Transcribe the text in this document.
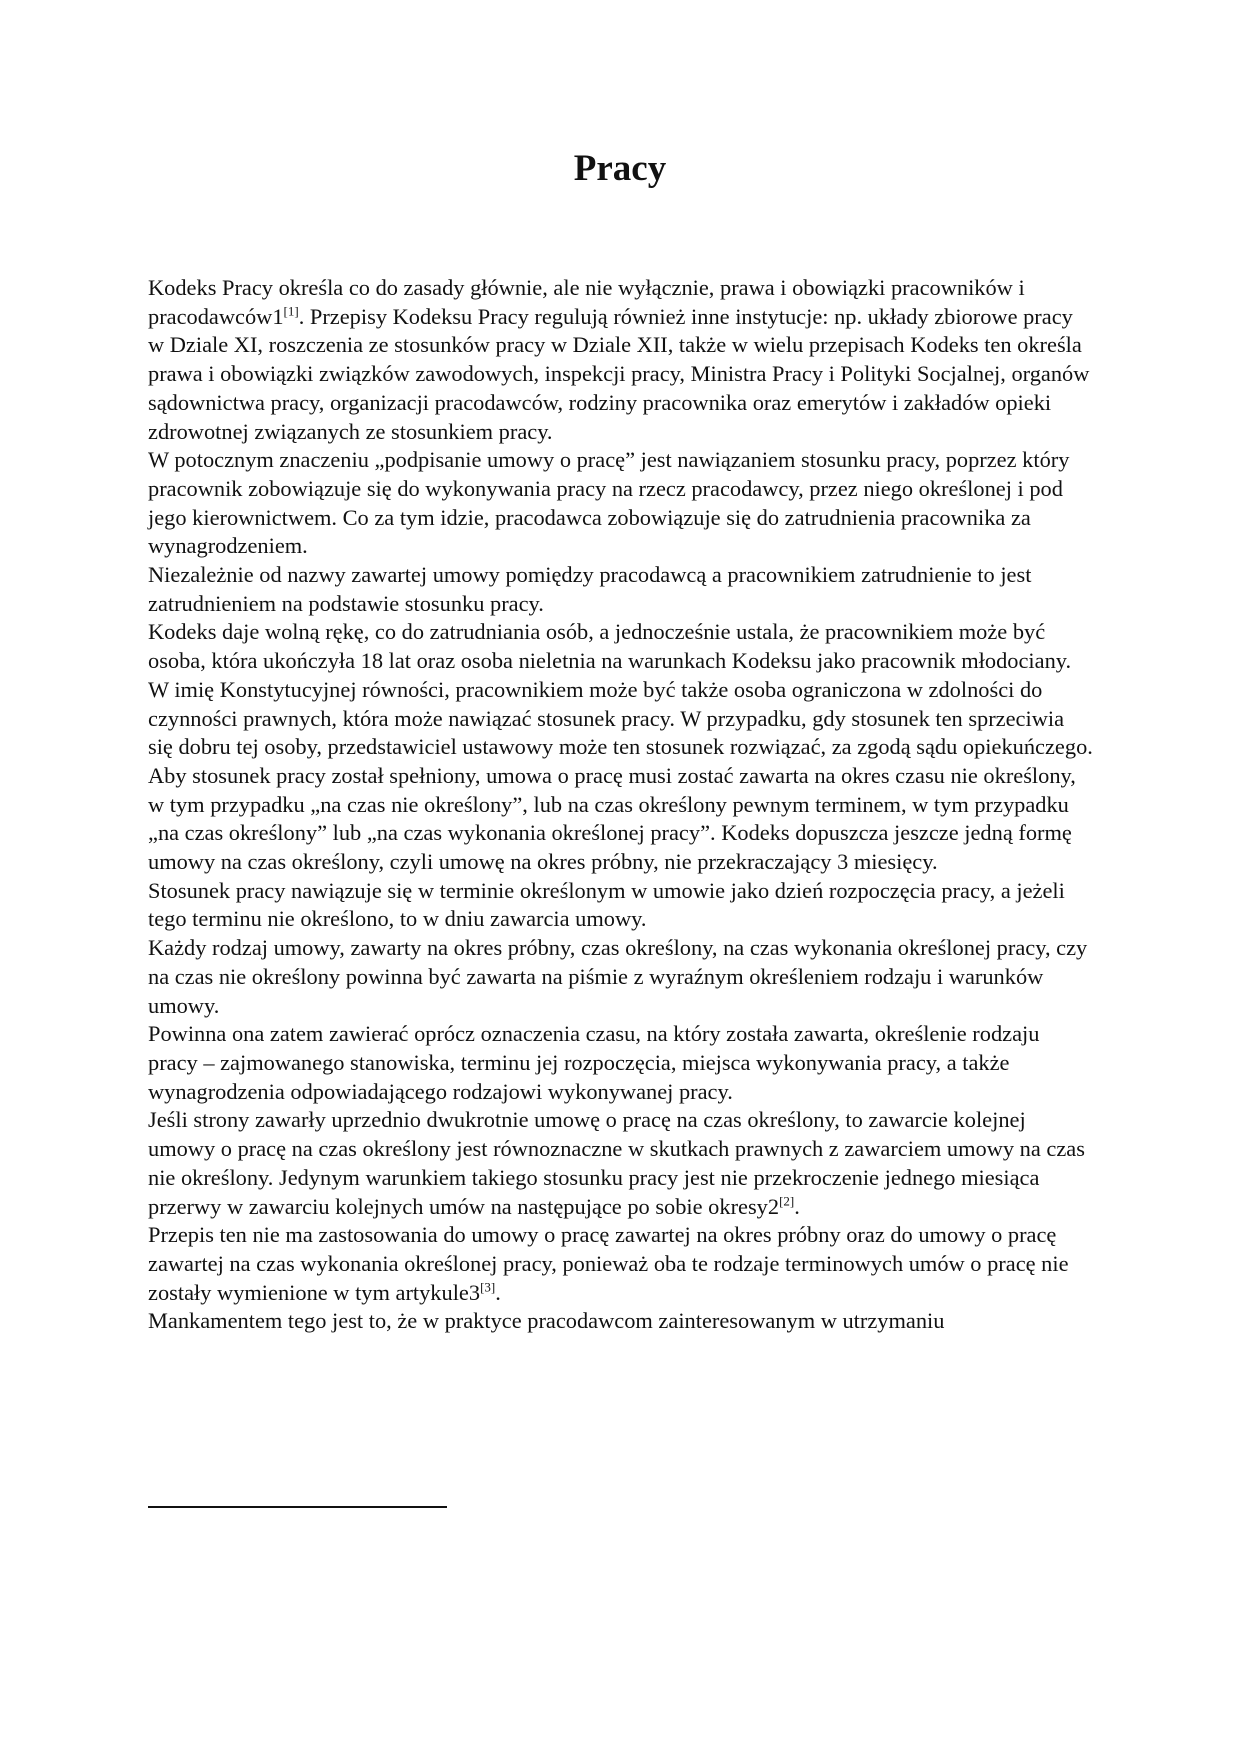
Pracy

Kodeks Pracy określa co do zasady głównie, ale nie wyłącznie, prawa i obowiązki pracowników i pracodawców1[1]. Przepisy Kodeksu Pracy regulują również inne instytucje: np. układy zbiorowe pracy w Dziale XI, roszczenia ze stosunków pracy w Dziale XII, także w wielu przepisach Kodeks ten określa prawa i obowiązki związków zawodowych, inspekcji pracy, Ministra Pracy i Polityki Socjalnej, organów sądownictwa pracy, organizacji pracodawców, rodziny pracownika oraz emerytów i zakładów opieki zdrowotnej związanych ze stosunkiem pracy.

W potocznym znaczeniu „podpisanie umowy o pracę” jest nawiązaniem stosunku pracy, poprzez który pracownik zobowiązuje się do wykonywania pracy na rzecz pracodawcy, przez niego określonej i pod jego kierownictwem. Co za tym idzie, pracodawca zobowiązuje się do zatrudnienia pracownika za wynagrodzeniem.

Niezależnie od nazwy zawartej umowy pomiędzy pracodawcą a pracownikiem zatrudnienie to jest zatrudnieniem na podstawie stosunku pracy.

Kodeks daje wolną rękę, co do zatrudniania osób, a jednocześnie ustala, że pracownikiem może być osoba, która ukończyła 18 lat oraz osoba nieletnia na warunkach Kodeksu jako pracownik młodociany.

W imię Konstytucyjnej równości, pracownikiem może być także osoba ograniczona w zdolności do czynności prawnych, która może nawiązać stosunek pracy. W przypadku, gdy stosunek ten sprzeciwia się dobru tej osoby, przedstawiciel ustawowy może ten stosunek rozwiązać, za zgodą sądu opiekuńczego.

Aby stosunek pracy został spełniony, umowa o pracę musi zostać zawarta na okres czasu nie określony, w tym przypadku „na czas nie określony”, lub na czas określony pewnym terminem, w tym przypadku „na czas określony” lub „na czas wykonania określonej pracy”. Kodeks dopuszcza jeszcze jedną formę umowy na czas określony, czyli umowę na okres próbny, nie przekraczający 3 miesięcy.

Stosunek pracy nawiązuje się w terminie określonym w umowie jako dzień rozpoczęcia pracy, a jeżeli tego terminu nie określono, to w dniu zawarcia umowy.

Każdy rodzaj umowy, zawarty na okres próbny, czas określony, na czas wykonania określonej pracy, czy na czas nie określony powinna być zawarta na piśmie z wyraźnym określeniem rodzaju i warunków umowy.

Powinna ona zatem zawierać oprócz oznaczenia czasu, na który została zawarta, określenie rodzaju pracy – zajmowanego stanowiska, terminu jej rozpoczęcia, miejsca wykonywania pracy, a także wynagrodzenia odpowiadającego rodzajowi wykonywanej pracy.

Jeśli strony zawarły uprzednio dwukrotnie umowę o pracę na czas określony, to zawarcie kolejnej umowy o pracę na czas określony jest równoznaczne w skutkach prawnych z zawarciem umowy na czas nie określony. Jedynym warunkiem takiego stosunku pracy jest nie przekroczenie jednego miesiąca przerwy w zawarciu kolejnych umów na następujące po sobie okresy2[2].

Przepis ten nie ma zastosowania do umowy o pracę zawartej na okres próbny oraz do umowy o pracę zawartej na czas wykonania określonej pracy, ponieważ oba te rodzaje terminowych umów o pracę nie zostały wymienione w tym artykule3[3].

Mankamentem tego jest to, że w praktyce pracodawcom zainteresowanym w utrzymaniu
